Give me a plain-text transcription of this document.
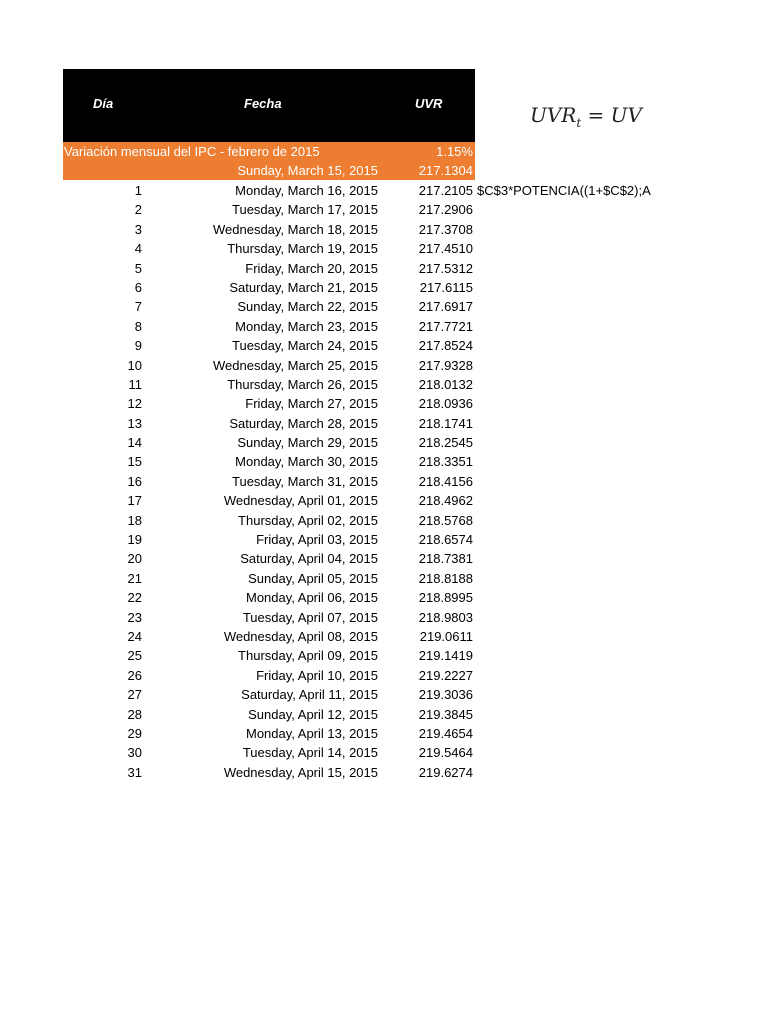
Día	Fecha	UVR
Variación mensual del IPC - febrero de 2015	1.15%
Sunday, March 15, 2015	217.1304
$UVR_t$ = UV
$C$3*POTENCIA((1+$C$2);A
1	Monday, March 16, 2015	217.2105
2	Tuesday, March 17, 2015	217.2906
3	Wednesday, March 18, 2015	217.3708
4	Thursday, March 19, 2015	217.4510
5	Friday, March 20, 2015	217.5312
6	Saturday, March 21, 2015	217.6115
7	Sunday, March 22, 2015	217.6917
8	Monday, March 23, 2015	217.7721
9	Tuesday, March 24, 2015	217.8524
10	Wednesday, March 25, 2015	217.9328
11	Thursday, March 26, 2015	218.0132
12	Friday, March 27, 2015	218.0936
13	Saturday, March 28, 2015	218.1741
14	Sunday, March 29, 2015	218.2545
15	Monday, March 30, 2015	218.3351
16	Tuesday, March 31, 2015	218.4156
17	Wednesday, April 01, 2015	218.4962
18	Thursday, April 02, 2015	218.5768
19	Friday, April 03, 2015	218.6574
20	Saturday, April 04, 2015	218.7381
21	Sunday, April 05, 2015	218.8188
22	Monday, April 06, 2015	218.8995
23	Tuesday, April 07, 2015	218.9803
24	Wednesday, April 08, 2015	219.0611
25	Thursday, April 09, 2015	219.1419
26	Friday, April 10, 2015	219.2227
27	Saturday, April 11, 2015	219.3036
28	Sunday, April 12, 2015	219.3845
29	Monday, April 13, 2015	219.4654
30	Tuesday, April 14, 2015	219.5464
31	Wednesday, April 15, 2015	219.6274
